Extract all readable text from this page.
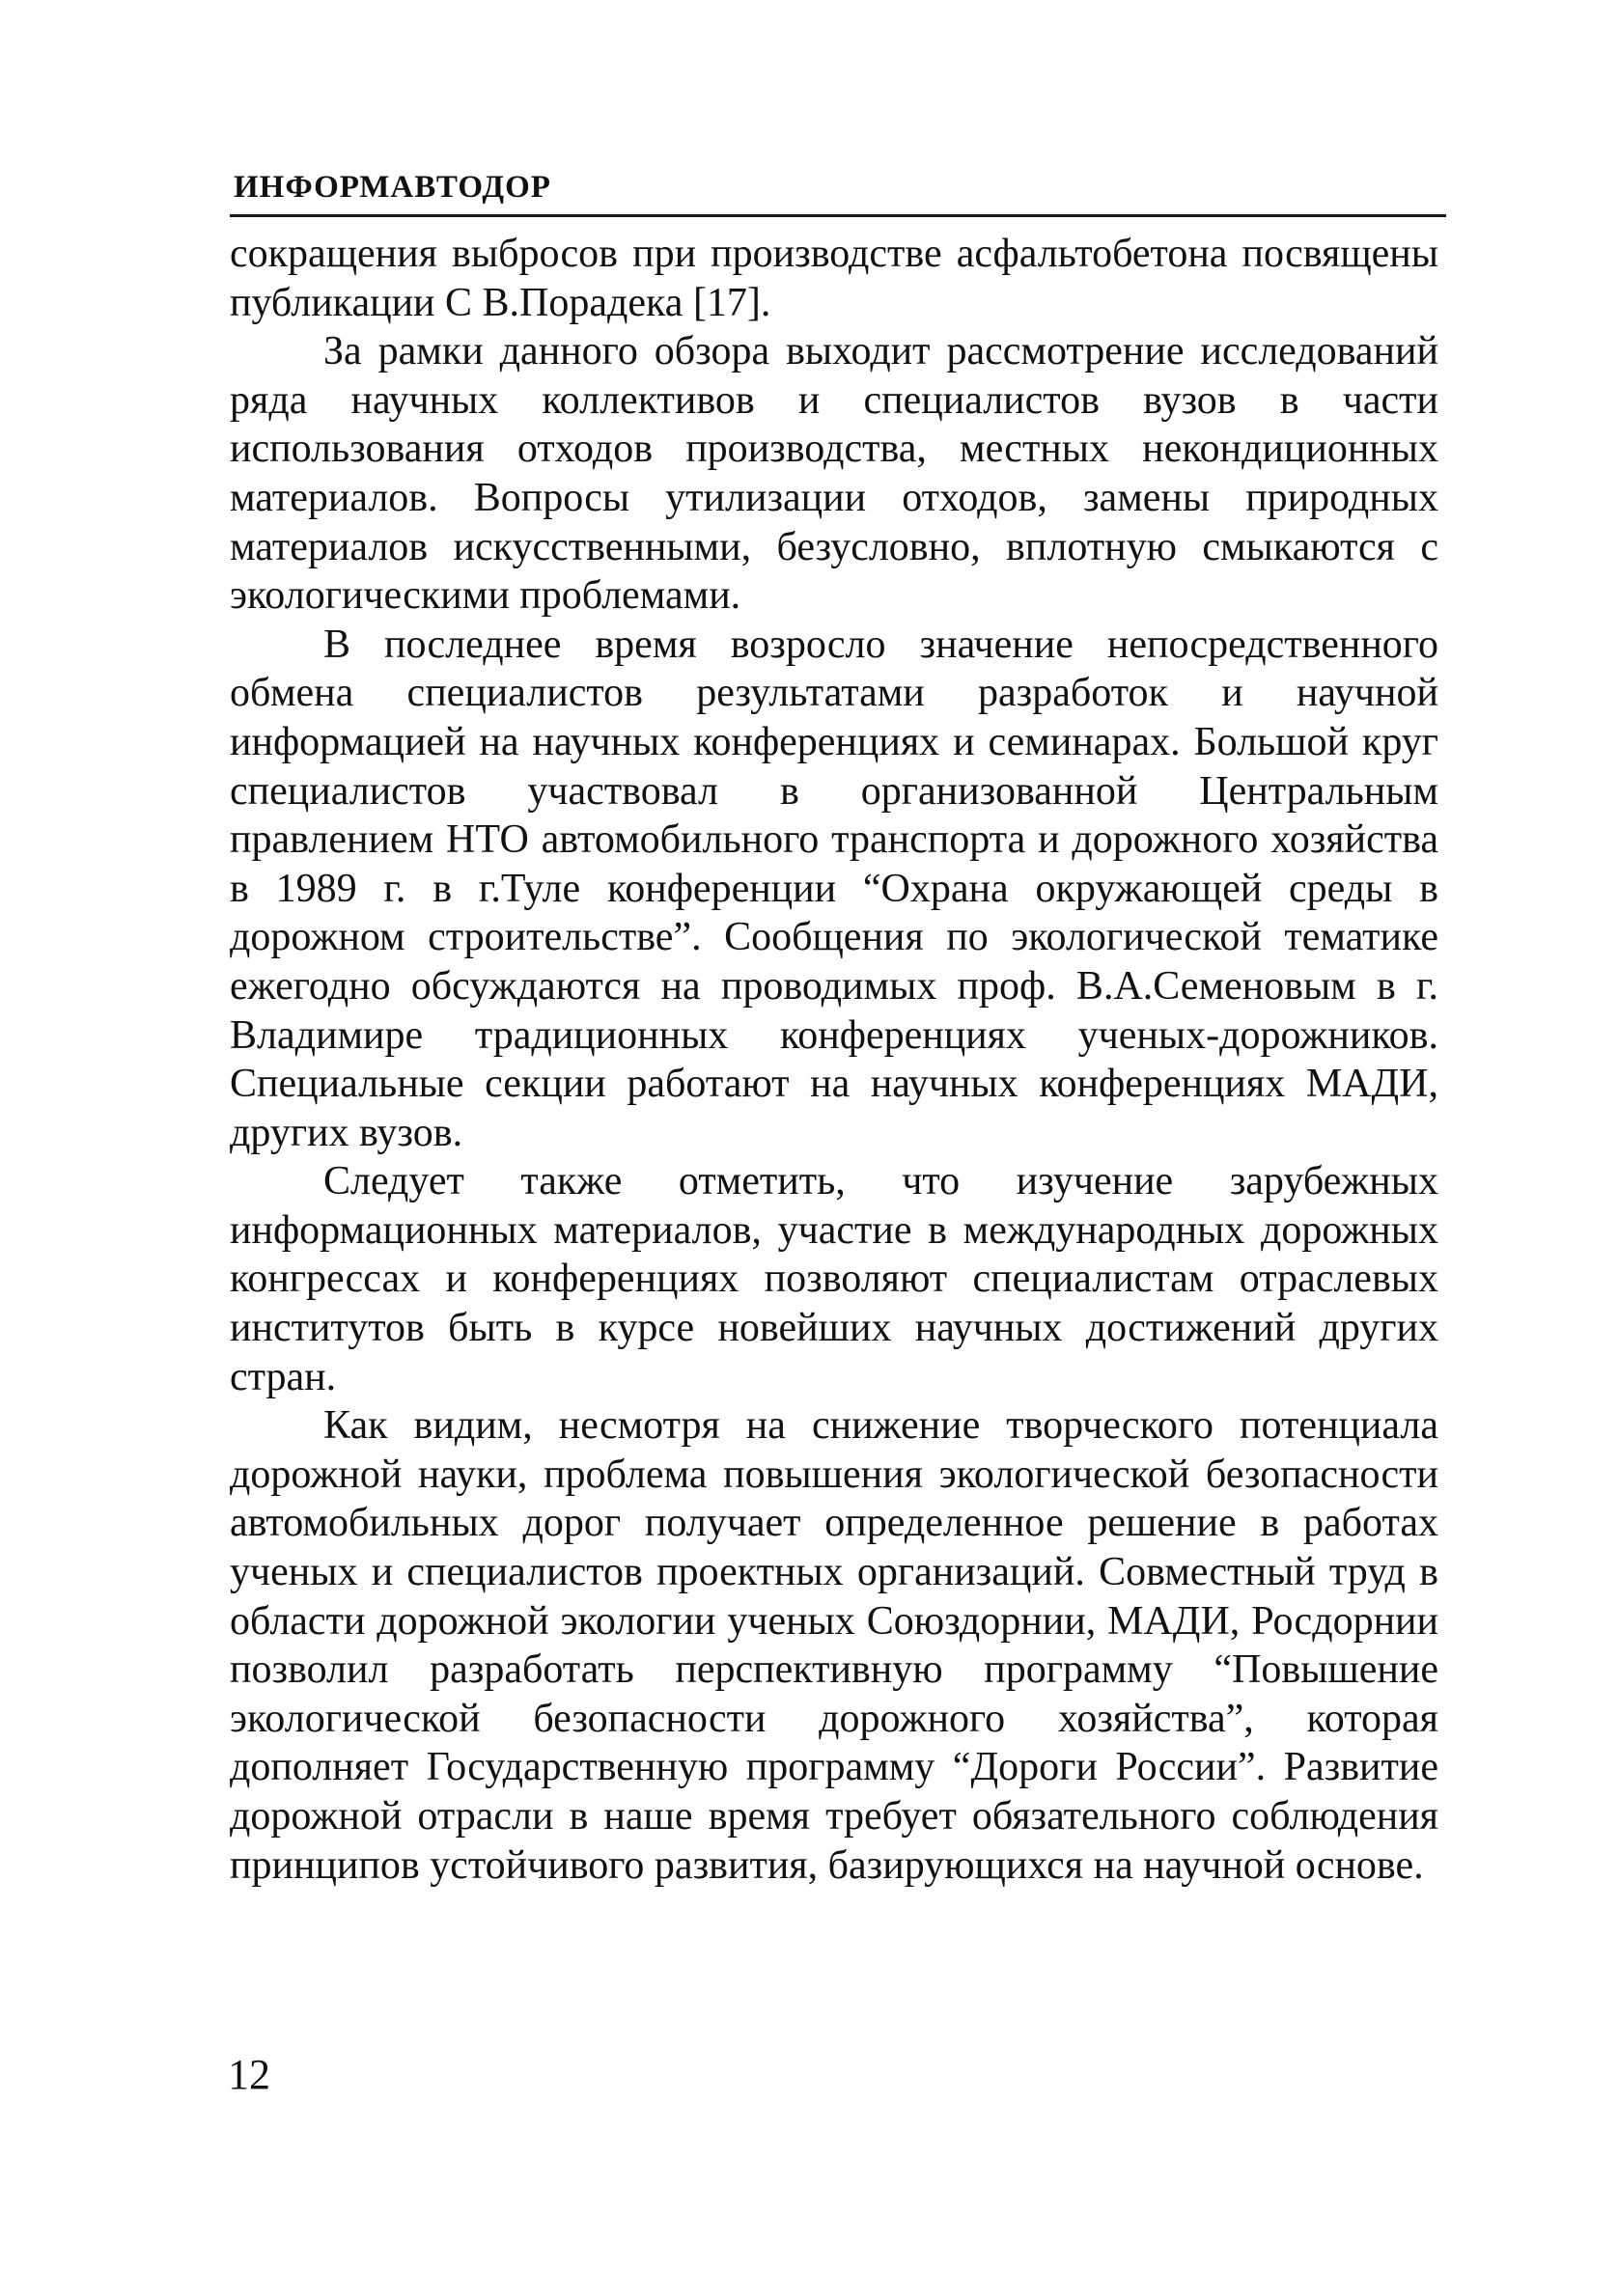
ИНФОРМАВТОДОР

сокращения выбросов при производстве асфальтобетона посвящены публикации С В.Порадека [17].

За рамки данного обзора выходит рассмотрение исследований ряда научных коллективов и специалистов вузов в части использования отходов производства, местных некондиционных материалов. Вопросы утилизации отходов, замены природных материалов искусственными, безусловно, вплотную смыкаются с экологическими проблемами.

В последнее время возросло значение непосредственного обмена специалистов результатами разработок и научной информацией на научных конференциях и семинарах. Большой круг специалистов участвовал в организованной Центральным правлением НТО автомобильного транспорта и дорожного хозяйства в 1989 г. в г.Туле конференции “Охрана окружающей среды в дорожном строительстве”. Сообщения по экологической тематике ежегодно обсуждаются на проводимых проф. В.А.Семеновым в г. Владимире традиционных конференциях ученых-дорожников. Специальные секции работают на научных конференциях МАДИ, других вузов.

Следует также отметить, что изучение зарубежных информационных материалов, участие в международных дорожных конгрессах и конференциях позволяют специалистам отраслевых институтов быть в курсе новейших научных достижений других стран.

Как видим, несмотря на снижение творческого потенциала дорожной науки, проблема повышения экологической безопасности автомобильных дорог получает определенное решение в работах ученых и специалистов проектных организаций. Совместный труд в области дорожной экологии ученых Союздорнии, МАДИ, Росдорнии позволил разработать перспективную программу “Повышение экологической безопасности дорожного хозяйства”, которая дополняет Государственную программу “Дороги России”. Развитие дорожной отрасли в наше время требует обязательного соблюдения принципов устойчивого развития, базирующихся на научной основе.

12
